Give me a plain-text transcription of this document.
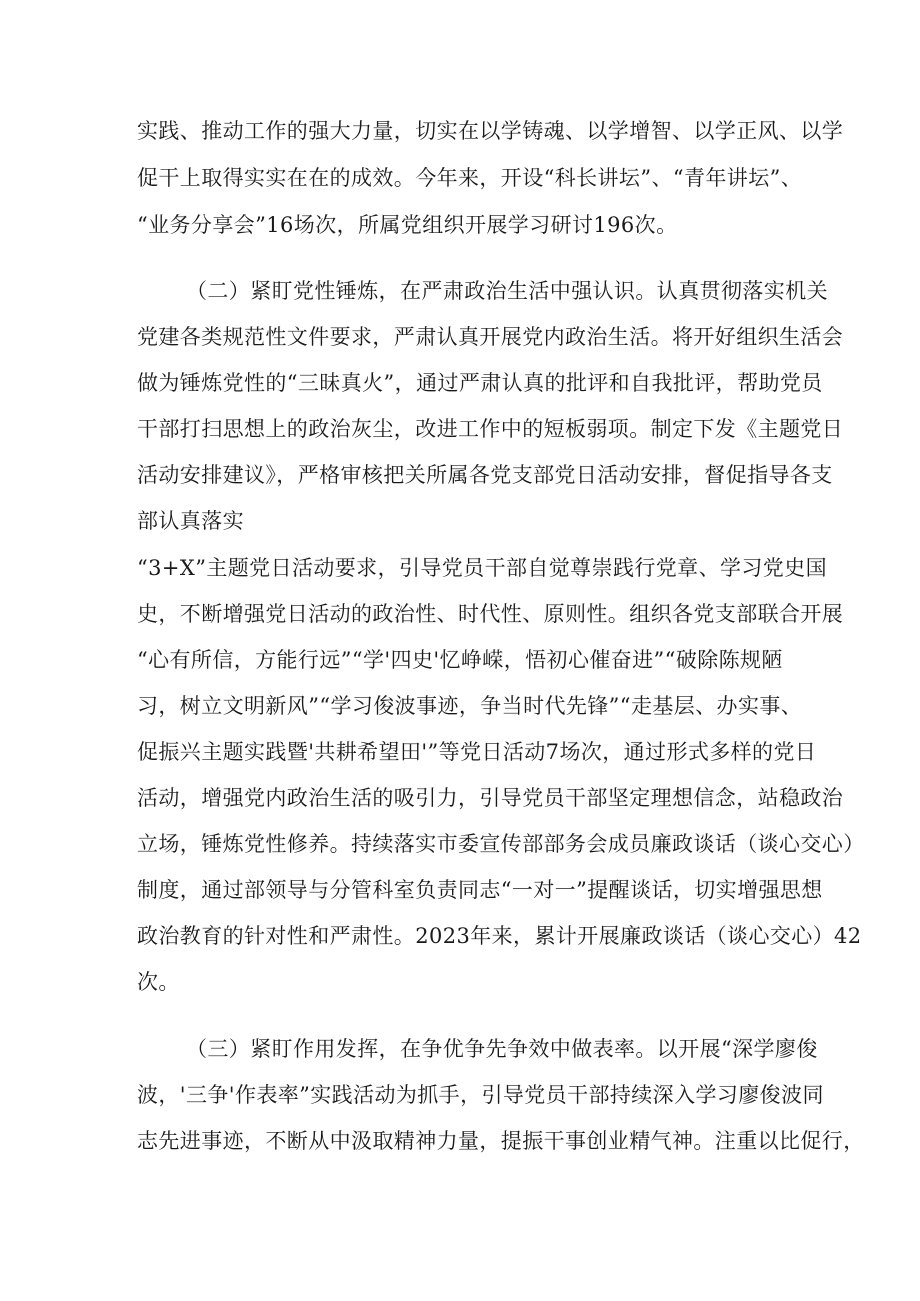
实践、推动工作的强大力量，切实在以学铸魂、以学增智、以学正风、以学
促干上取得实实在在的成效。今年来，开设“科长讲坛”、“青年讲坛”、
“业务分享会”16场次，所属党组织开展学习研讨196次。
（二）紧盯党性锤炼，在严肃政治生活中强认识。认真贯彻落实机关
党建各类规范性文件要求，严肃认真开展党内政治生活。将开好组织生活会
做为锤炼党性的“三昧真火”，通过严肃认真的批评和自我批评，帮助党员
干部打扫思想上的政治灰尘，改进工作中的短板弱项。制定下发《主题党日
活动安排建议》，严格审核把关所属各党支部党日活动安排，督促指导各支
部认真落实
“3+X”主题党日活动要求，引导党员干部自觉尊崇践行党章、学习党史国
史，不断增强党日活动的政治性、时代性、原则性。组织各党支部联合开展
“心有所信，方能行远”“学'四史'忆峥嵘，悟初心催奋进”“破除陈规陋
习，树立文明新风”“学习俊波事迹，争当时代先锋”“走基层、办实事、
促振兴主题实践暨'共耕希望田'”等党日活动7场次，通过形式多样的党日
活动，增强党内政治生活的吸引力，引导党员干部坚定理想信念，站稳政治
立场，锤炼党性修养。持续落实市委宣传部部务会成员廉政谈话（谈心交心）
制度，通过部领导与分管科室负责同志“一对一”提醒谈话，切实增强思想
政治教育的针对性和严肃性。2023年来，累计开展廉政谈话（谈心交心）42
次。
（三）紧盯作用发挥，在争优争先争效中做表率。以开展“深学廖俊
波，'三争'作表率”实践活动为抓手，引导党员干部持续深入学习廖俊波同
志先进事迹，不断从中汲取精神力量，提振干事创业精气神。注重以比促行，
